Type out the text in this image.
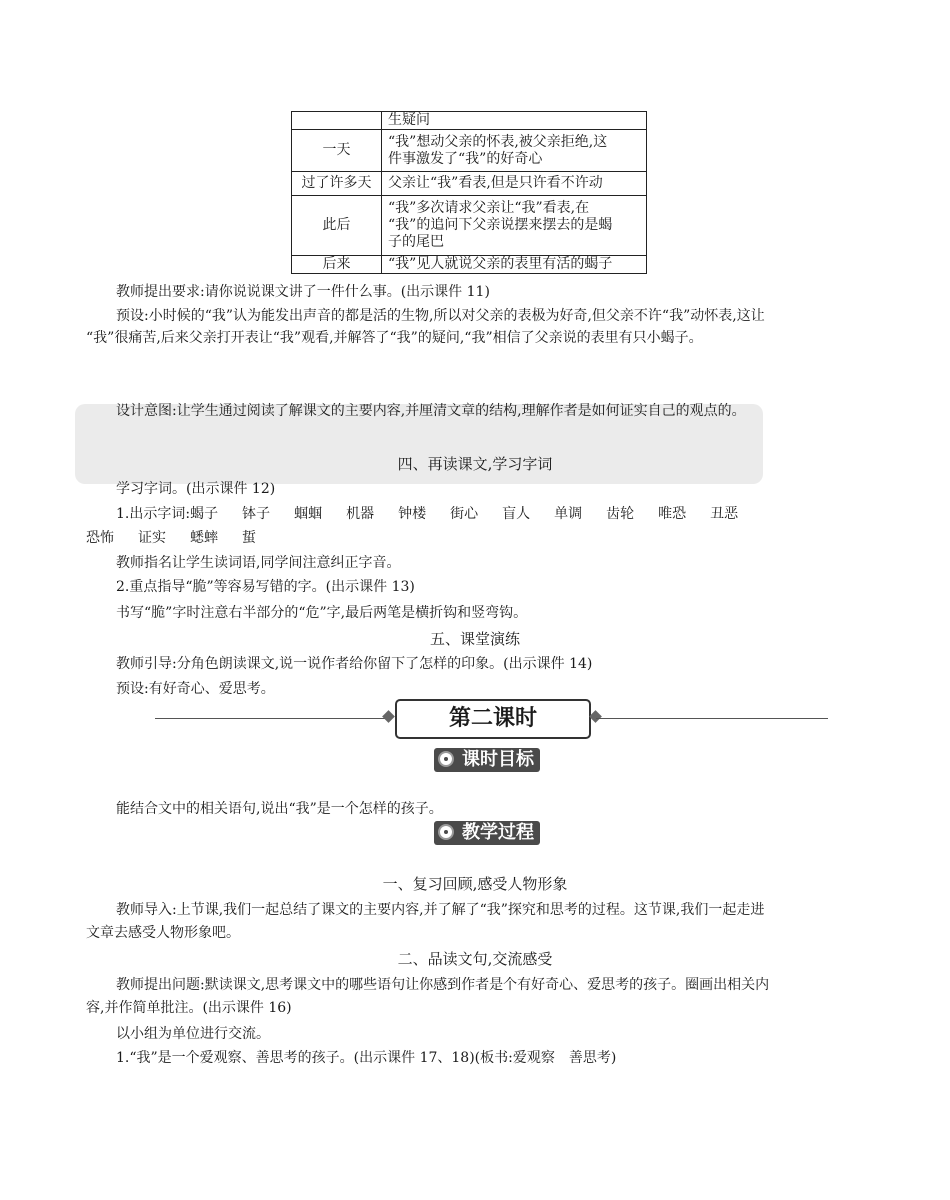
	生疑问
一天	“我”想动父亲的怀表,被父亲拒绝,这
件事激发了“我”的好奇心

过了许多天	父亲让“我”看表,但是只许看不许动

此后	“我”多次请求父亲让“我”看表,在
“我”的追问下父亲说摆来摆去的是蝎
子的尾巴

后来	“我”见人就说父亲的表里有活的蝎子
教师提出要求:请你说说课文讲了一件什么事。(出示课件 11)
预设:小时候的“我”认为能发出声音的都是活的生物,所以对父亲的表极为好奇,但父亲不许“我”动怀表,这让
“我”很痛苦,后来父亲打开表让“我”观看,并解答了“我”的疑问,“我”相信了父亲说的表里有只小蝎子。
设计意图:让学生通过阅读了解课文的主要内容,并厘清文章的结构,理解作者是如何证实自己的观点的。
四、再读课文,学习字词
学习字词。(出示课件 12)
1.出示字词:蝎子 钵子 蝈蝈 机器 钟楼 街心 盲人 单调 齿轮 唯恐 丑恶
恐怖 证实 蟋蟀 蜇
教师指名让学生读词语,同学间注意纠正字音。
2.重点指导“脆”等容易写错的字。(出示课件 13)
书写“脆”字时注意右半部分的“危”字,最后两笔是横折钩和竖弯钩。
五、课堂演练
教师引导:分角色朗读课文,说一说作者给你留下了怎样的印象。(出示课件 14)
预设:有好奇心、爱思考。
第二课时
课时目标
能结合文中的相关语句,说出“我”是一个怎样的孩子。
教学过程
一、复习回顾,感受人物形象
教师导入:上节课,我们一起总结了课文的主要内容,并了解了“我”探究和思考的过程。这节课,我们一起走进
文章去感受人物形象吧。
二、品读文句,交流感受
教师提出问题:默读课文,思考课文中的哪些语句让你感到作者是个有好奇心、爱思考的孩子。圈画出相关内
容,并作简单批注。(出示课件 16)
以小组为单位进行交流。
1.“我”是一个爱观察、善思考的孩子。(出示课件 17、18)(板书:爱观察　善思考)
